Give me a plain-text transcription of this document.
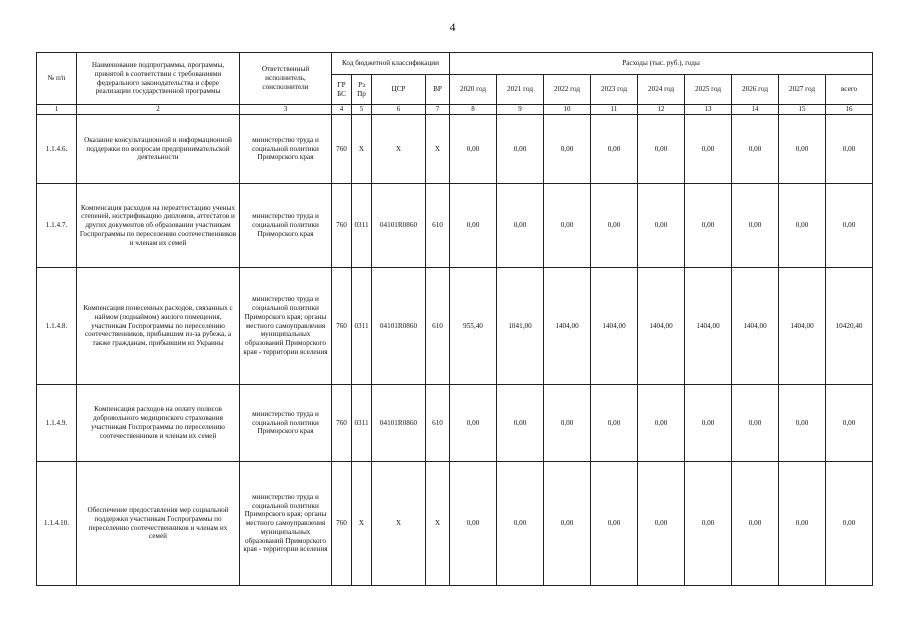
4
№ п/п	Наименование подпрограммы, программы, принятой в соответствии с требованиями федерального законодательства и сфере реализации государственной программы	Ответственный исполнитель, соисполнители	Код бюджетной классификации				Расходы (тыс. руб.), годы								
			ГР БС	Рз Пр	ЦСР	ВР	2020 год	2021 год	2022 год	2023 год	2024 год	2025 год	2026 год	2027 год	всего
1	2	3	4	5	6	7	8	9	10	11	12	13	14	15	16
1.1.4.6.	Оказание консультационной и информационной поддержки по вопросам предпринимательской деятельности	министерство труда и социальной политики Приморского края	760	Х	Х	Х	0,00	0,00	0,00	0,00	0,00	0,00	0,00	0,00	0,00
1.1.4.7.	Компенсация расходов на переаттестацию ученых степеней, нострификацию дипломов, аттестатов и других документов об образовании участникам Госпрограммы по переселению соотечественников и членам их семей	министерство труда и социальной политики Приморского края	760	0311	04101R0860	610	0,00	0,00	0,00	0,00	0,00	0,00	0,00	0,00	0,00
1.1.4.8.	Компенсация понесенных расходов, связанных с наймом (поднаймом) жилого помещения, участникам Госпрограммы по переселению соотечественников, прибывшим из-за рубежа, а также гражданам, прибывшим из Украины	министерство труда и социальной политики Приморского края; органы местного самоуправления муниципальных образований Приморского края - территории вселения	760	0311	04101R0860	610	955,40	1041,00	1404,00	1404,00	1404,00	1404,00	1404,00	1404,00	10420,40
1.1.4.9.	Компенсация расходов на оплату полисов добровольного медицинского страхования участникам Госпрограммы по переселению соотечественников и членам их семей	министерство труда и социальной политики Приморского края	760	0311	04101R0860	610	0,00	0,00	0,00	0,00	0,00	0,00	0,00	0,00	0,00
1.1.4.10.	Обеспечение предоставления мер социальной поддержки участникам Госпрограммы по переселению соотечественников и членам их семей	министерство труда и социальной политики Приморского края; органы местного самоуправления муниципальных образований Приморского края - территории вселения	760	Х	Х	Х	0,00	0,00	0,00	0,00	0,00	0,00	0,00	0,00	0,00
